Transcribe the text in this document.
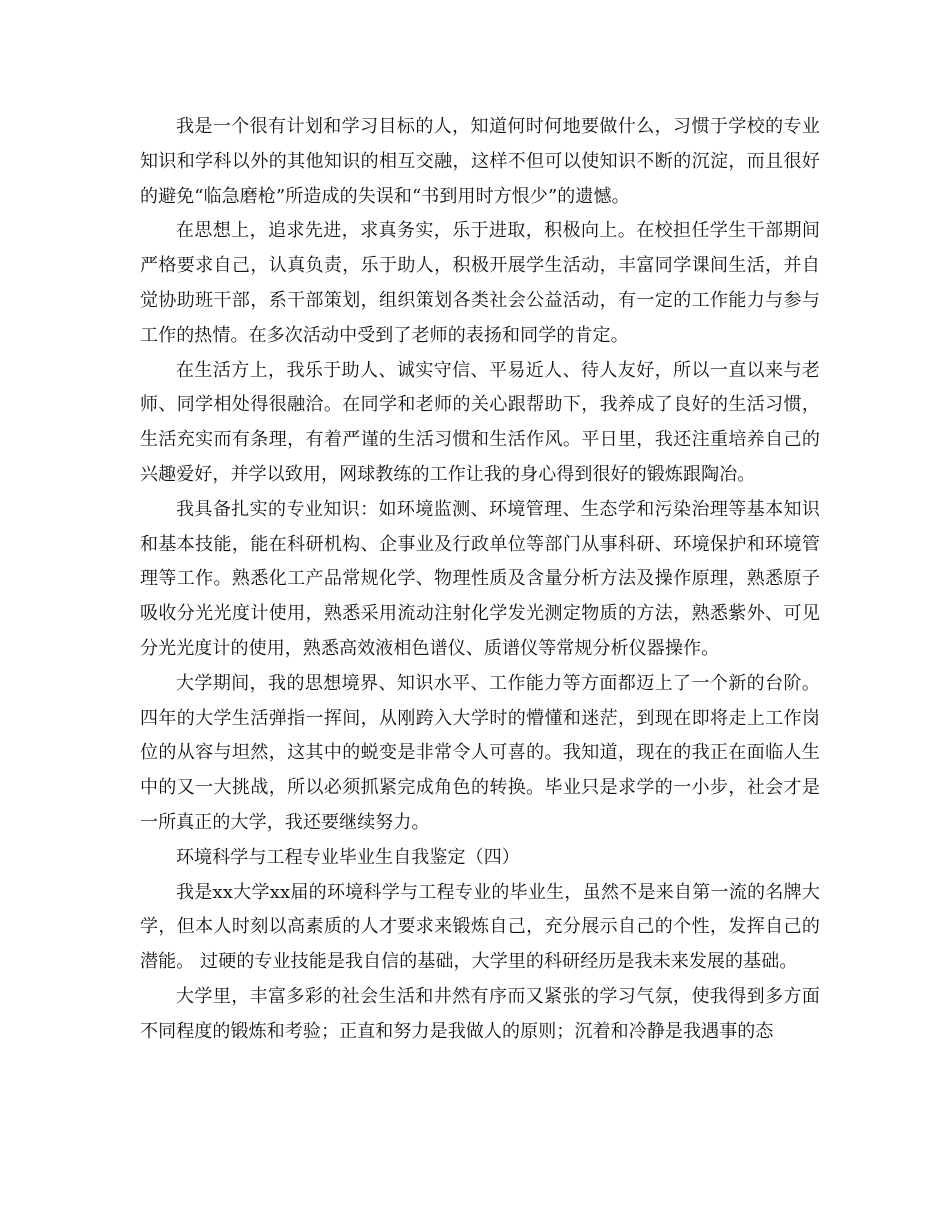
我是一个很有计划和学习目标的人，知道何时何地要做什么，习惯于学校的专业知识和学科以外的其他知识的相互交融，这样不但可以使知识不断的沉淀，而且很好的避免“临急磨枪”所造成的失误和“书到用时方恨少”的遗憾。

在思想上，追求先进，求真务实，乐于进取，积极向上。在校担任学生干部期间严格要求自己，认真负责，乐于助人，积极开展学生活动，丰富同学课间生活，并自觉协助班干部，系干部策划，组织策划各类社会公益活动，有一定的工作能力与参与工作的热情。在多次活动中受到了老师的表扬和同学的肯定。

在生活方上，我乐于助人、诚实守信、平易近人、待人友好，所以一直以来与老师、同学相处得很融洽。在同学和老师的关心跟帮助下，我养成了良好的生活习惯，生活充实而有条理，有着严谨的生活习惯和生活作风。平日里，我还注重培养自己的兴趣爱好，并学以致用，网球教练的工作让我的身心得到很好的锻炼跟陶冶。

我具备扎实的专业知识：如环境监测、环境管理、生态学和污染治理等基本知识和基本技能，能在科研机构、企事业及行政单位等部门从事科研、环境保护和环境管理等工作。熟悉化工产品常规化学、物理性质及含量分析方法及操作原理，熟悉原子吸收分光光度计使用，熟悉采用流动注射化学发光测定物质的方法，熟悉紫外、可见分光光度计的使用，熟悉高效液相色谱仪、质谱仪等常规分析仪器操作。

大学期间，我的思想境界、知识水平、工作能力等方面都迈上了一个新的台阶。四年的大学生活弹指一挥间，从刚跨入大学时的懵懂和迷茫，到现在即将走上工作岗位的从容与坦然，这其中的蜕变是非常令人可喜的。我知道，现在的我正在面临人生中的又一大挑战，所以必须抓紧完成角色的转换。毕业只是求学的一小步，社会才是一所真正的大学，我还要继续努力。

环境科学与工程专业毕业生自我鉴定（四）

我是xx大学xx届的环境科学与工程专业的毕业生，虽然不是来自第一流的名牌大学，但本人时刻以高素质的人才要求来锻炼自己，充分展示自己的个性，发挥自己的潜能。 过硬的专业技能是我自信的基础，大学里的科研经历是我未来发展的基础。

大学里，丰富多彩的社会生活和井然有序而又紧张的学习气氛，使我得到多方面不同程度的锻炼和考验；正直和努力是我做人的原则；沉着和冷静是我遇事的态
